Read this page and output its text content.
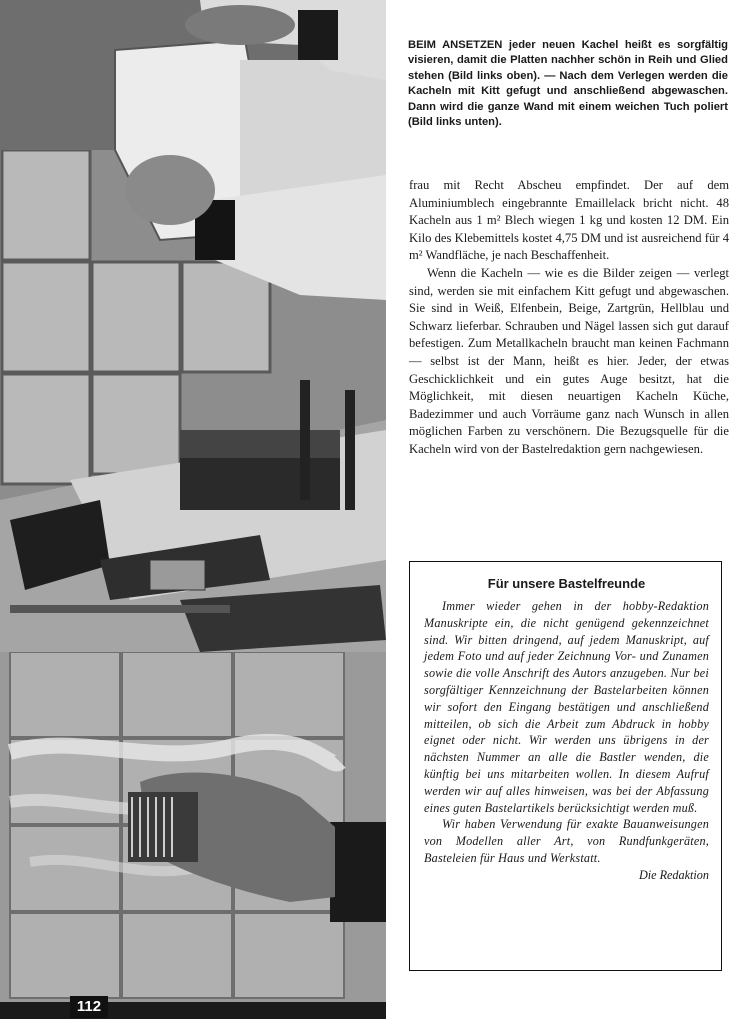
112

BEIM ANSETZEN jeder neuen Kachel heißt es sorgfältig visieren, damit die Platten nachher schön in Reih und Glied stehen (Bild links oben). — Nach dem Verlegen werden die Kacheln mit Kitt gefugt und anschließend abgewaschen. Dann wird die ganze Wand mit einem weichen Tuch poliert (Bild links unten).

frau mit Recht Abscheu empfindet. Der auf dem Aluminiumblech eingebrannte Emaillelack bricht nicht. 48 Kacheln aus 1 m² Blech wiegen 1 kg und kosten 12 DM. Ein Kilo des Klebemittels kostet 4,75 DM und ist ausreichend für 4 m² Wandfläche, je nach Beschaffenheit.

Wenn die Kacheln — wie es die Bilder zeigen — verlegt sind, werden sie mit einfachem Kitt gefugt und abgewaschen. Sie sind in Weiß, Elfenbein, Beige, Zartgrün, Hellblau und Schwarz lieferbar. Schrauben und Nägel lassen sich gut darauf befestigen. Zum Metallkacheln braucht man keinen Fachmann — selbst ist der Mann, heißt es hier. Jeder, der etwas Geschicklichkeit und ein gutes Auge besitzt, hat die Möglichkeit, mit diesen neuartigen Kacheln Küche, Badezimmer und auch Vorräume ganz nach Wunsch in allen möglichen Farben zu verschönern. Die Bezugsquelle für die Kacheln wird von der Bastelredaktion gern nachgewiesen.

Für unsere Bastelfreunde

Immer wieder gehen in der hobby-Redaktion Manuskripte ein, die nicht genügend gekennzeichnet sind. Wir bitten dringend, auf jedem Manuskript, auf jedem Foto und auf jeder Zeichnung Vor- und Zunamen sowie die volle Anschrift des Autors anzugeben. Nur bei sorgfältiger Kennzeichnung der Bastelarbeiten können wir sofort den Eingang bestätigen und anschließend mitteilen, ob sich die Arbeit zum Abdruck in hobby eignet oder nicht. Wir werden uns übrigens in der nächsten Nummer an alle die Bastler wenden, die künftig bei uns mitarbeiten wollen. In diesem Aufruf werden wir auf alles hinweisen, was bei der Abfassung eines guten Bastelartikels berücksichtigt werden muß.

Wir haben Verwendung für exakte Bauanweisungen von Modellen aller Art, von Rundfunkgeräten, Basteleien für Haus und Werkstatt.

Die Redaktion
